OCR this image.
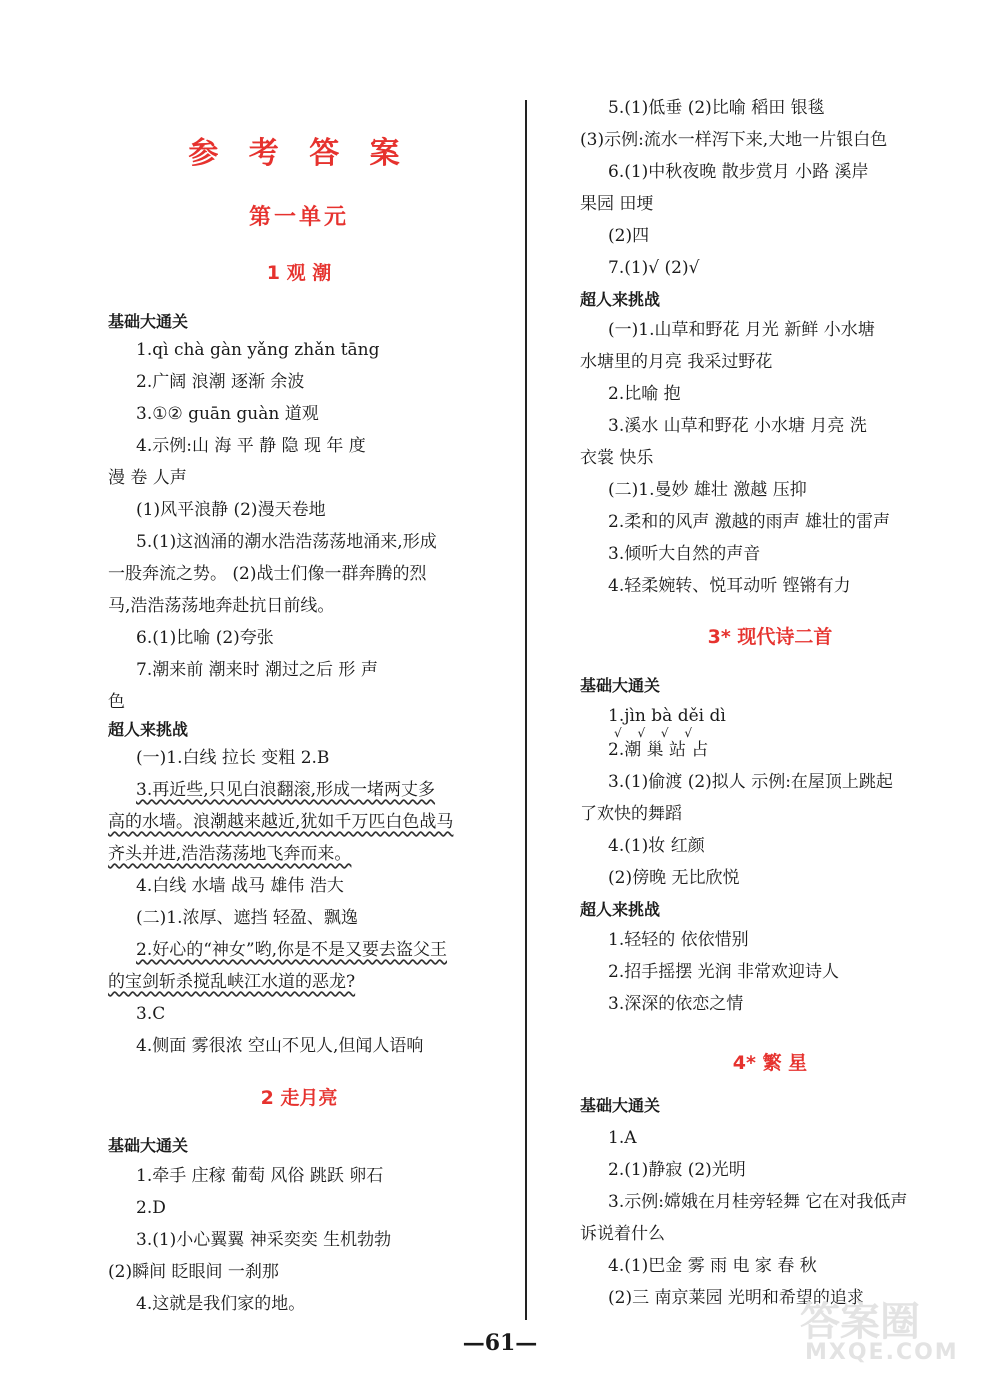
参 考 答 案
第一单元
1 观 潮
2 走月亮
基础大通关
1.qì chà gàn yǎng zhǎn tāng
2.广阔 浪潮 逐渐 余波
3.①② guān guàn 道观
4.示例:山 海 平 静 隐 现 年 度
漫 卷 人声
(1)风平浪静 (2)漫天卷地
5.(1)这汹涌的潮水浩浩荡荡地涌来,形成
一股奔流之势。 (2)战士们像一群奔腾的烈
马,浩浩荡荡地奔赴抗日前线。
6.(1)比喻 (2)夸张
7.潮来前 潮来时 潮过之后 形 声
色
超人来挑战
(一)1.白线 拉长 变粗 2.B
3.再近些,只见白浪翻滚,形成一堵两丈多
高的水墙。浪潮越来越近,犹如千万匹白色战马
齐头并进,浩浩荡荡地飞奔而来。
4.白线 水墙 战马 雄伟 浩大
(二)1.浓厚、遮挡 轻盈、飘逸
2.好心的“神女”哟,你是不是又要去盗父王
的宝剑斩杀搅乱峡江水道的恶龙?
3.C
4.侧面 雾很浓 空山不见人,但闻人语响
基础大通关
1.牵手 庄稼 葡萄 风俗 跳跃 卵石
2.D
3.(1)小心翼翼 神采奕奕 生机勃勃
(2)瞬间 眨眼间 一刹那
4.这就是我们家的地。
3* 现代诗二首
√ √ √ √
4* 繁 星
5.(1)低垂 (2)比喻 稻田 银毯
(3)示例:流水一样泻下来,大地一片银白色
6.(1)中秋夜晚 散步赏月 小路 溪岸
果园 田埂
(2)四
7.(1)√ (2)√
超人来挑战
(一)1.山草和野花 月光 新鲜 小水塘
水塘里的月亮 我采过野花
2.比喻 抱
3.溪水 山草和野花 小水塘 月亮 洗
衣裳 快乐
(二)1.曼妙 雄壮 激越 压抑
2.柔和的风声 激越的雨声 雄壮的雷声
3.倾听大自然的声音
4.轻柔婉转、悦耳动听 铿锵有力
基础大通关
1.jìn bà děi dì
2.潮 巢 站 占
3.(1)偷渡 (2)拟人 示例:在屋顶上跳起
了欢快的舞蹈
4.(1)妆 红颜
(2)傍晚 无比欣悦
超人来挑战
1.轻轻的 依依惜别
2.招手摇摆 光润 非常欢迎诗人
3.深深的依恋之情
基础大通关
1.A
2.(1)静寂 (2)光明
3.示例:嫦娥在月桂旁轻舞 它在对我低声
诉说着什么
4.(1)巴金 雾 雨 电 家 春 秋
(2)三 南京莱园 光明和希望的追求
—61—	答案圈
MXQE.COM
